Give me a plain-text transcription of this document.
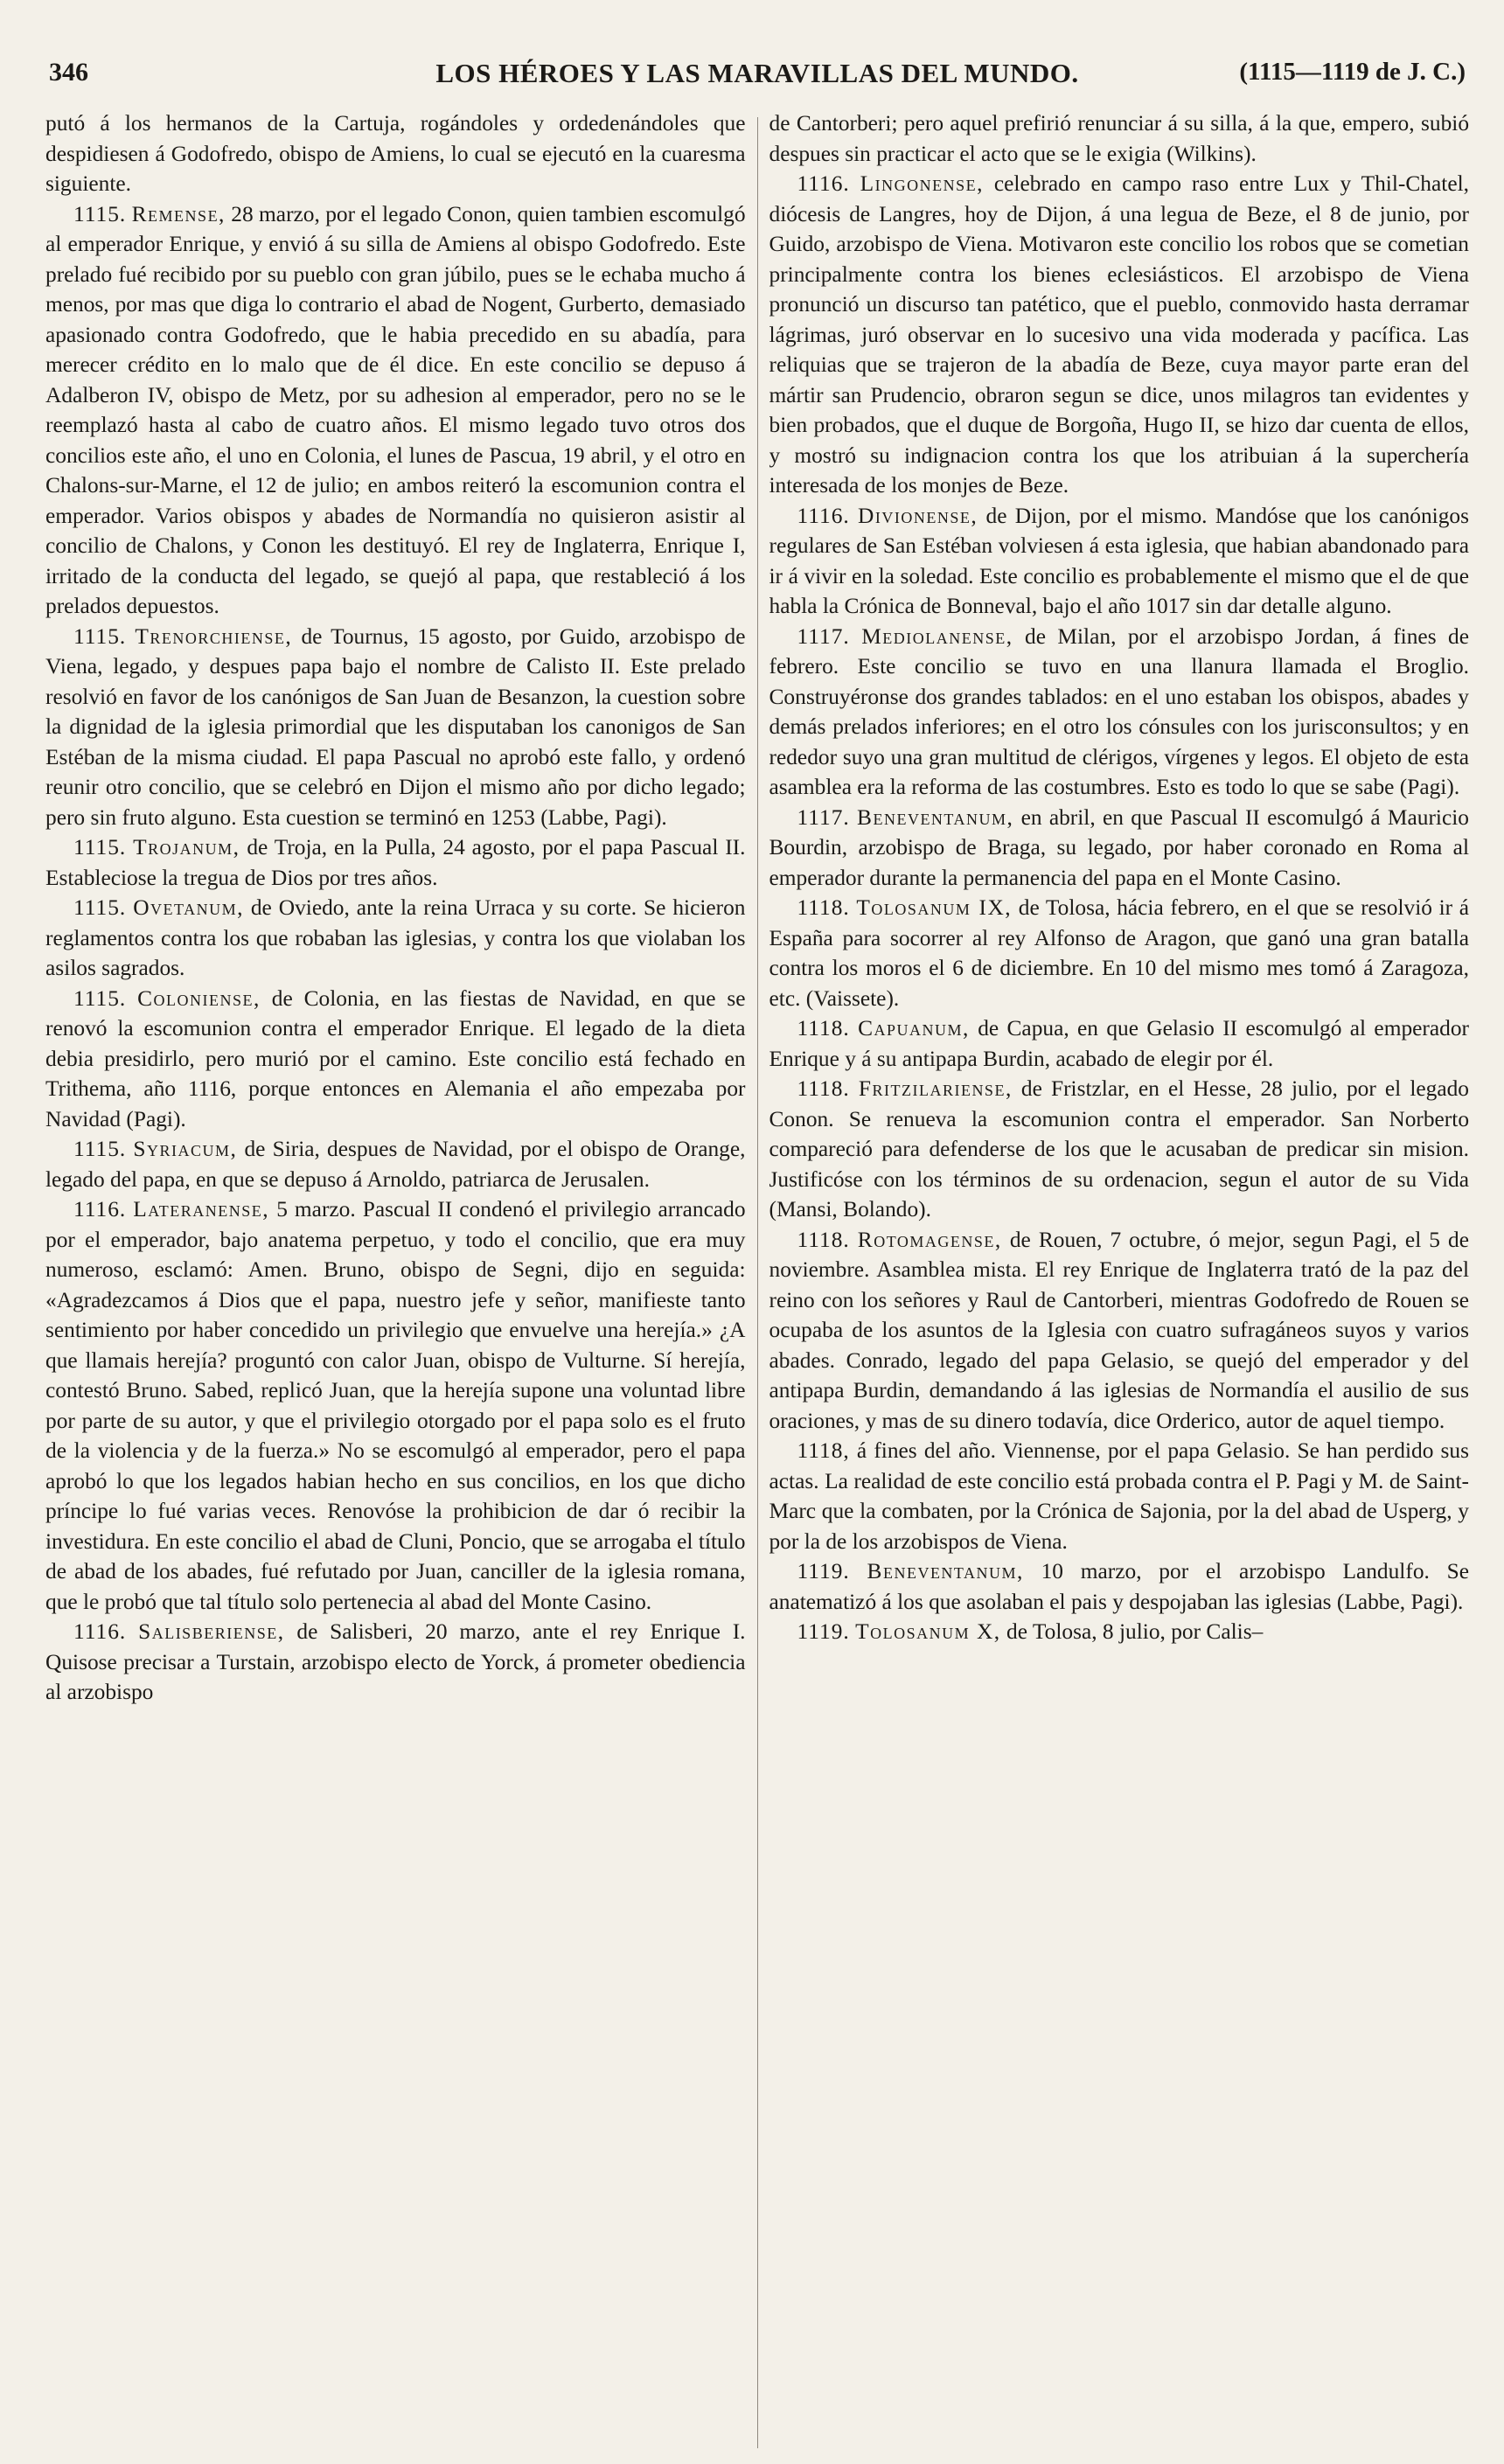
346	LOS HÉROES Y LAS MARAVILLAS DEL MUNDO.	(1115—1119 de J. C.)

putó á los hermanos de la Cartuja, rogándoles y ordedenándoles que despidiesen á Godofredo, obispo de Amiens, lo cual se ejecutó en la cuaresma siguiente.

1115. Remense, 28 marzo, por el legado Conon, quien tambien escomulgó al emperador Enrique, y envió á su silla de Amiens al obispo Godofredo. Este prelado fué recibido por su pueblo con gran júbilo, pues se le echaba mucho á menos, por mas que diga lo contrario el abad de Nogent, Gurberto, demasiado apasionado contra Godofredo, que le habia precedido en su abadía, para merecer crédito en lo malo que de él dice. En este concilio se depuso á Adalberon IV, obispo de Metz, por su adhesion al emperador, pero no se le reemplazó hasta al cabo de cuatro años. El mismo legado tuvo otros dos concilios este año, el uno en Colonia, el lunes de Pascua, 19 abril, y el otro en Chalons-sur-Marne, el 12 de julio; en ambos reiteró la escomunion contra el emperador. Varios obispos y abades de Normandía no quisieron asistir al concilio de Chalons, y Conon les destituyó. El rey de Inglaterra, Enrique I, irritado de la conducta del legado, se quejó al papa, que restableció á los prelados depuestos.

1115. Trenorchiense, de Tournus, 15 agosto, por Guido, arzobispo de Viena, legado, y despues papa bajo el nombre de Calisto II. Este prelado resolvió en favor de los canónigos de San Juan de Besanzon, la cuestion sobre la dignidad de la iglesia primordial que les disputaban los canonigos de San Estéban de la misma ciudad. El papa Pascual no aprobó este fallo, y ordenó reunir otro concilio, que se celebró en Dijon el mismo año por dicho legado; pero sin fruto alguno. Esta cuestion se terminó en 1253 (Labbe, Pagi).

1115. Trojanum, de Troja, en la Pulla, 24 agosto, por el papa Pascual II. Estableciose la tregua de Dios por tres años.

1115. Ovetanum, de Oviedo, ante la reina Urraca y su corte. Se hicieron reglamentos contra los que robaban las iglesias, y contra los que violaban los asilos sagrados.

1115. Coloniense, de Colonia, en las fiestas de Navidad, en que se renovó la escomunion contra el emperador Enrique. El legado de la dieta debia presidirlo, pero murió por el camino. Este concilio está fechado en Trithema, año 1116, porque entonces en Alemania el año empezaba por Navidad (Pagi).

1115. Syriacum, de Siria, despues de Navidad, por el obispo de Orange, legado del papa, en que se depuso á Arnoldo, patriarca de Jerusalen.

1116. Lateranense, 5 marzo. Pascual II condenó el privilegio arrancado por el emperador, bajo anatema perpetuo, y todo el concilio, que era muy numeroso, esclamó: Amen. Bruno, obispo de Segni, dijo en seguida: «Agradezcamos á Dios que el papa, nuestro jefe y señor, manifieste tanto sentimiento por haber concedido un privilegio que envuelve una herejía.» ¿A que llamais herejía? proguntó con calor Juan, obispo de Vulturne. Sí herejía, contestó Bruno. Sabed, replicó Juan, que la herejía supone una voluntad libre por parte de su autor, y que el privilegio otorgado por el papa solo es el fruto de la violencia y de la fuerza.» No se escomulgó al emperador, pero el papa aprobó lo que los legados habian hecho en sus concilios, en los que dicho príncipe lo fué varias veces. Renovóse la prohibicion de dar ó recibir la investidura. En este concilio el abad de Cluni, Poncio, que se arrogaba el título de abad de los abades, fué refutado por Juan, canciller de la iglesia romana, que le probó que tal título solo pertenecia al abad del Monte Casino.

1116. Salisberiense, de Salisberi, 20 marzo, ante el rey Enrique I. Quisose precisar a Turstain, arzobispo electo de Yorck, á prometer obediencia al arzobispo

de Cantorberi; pero aquel prefirió renunciar á su silla, á la que, empero, subió despues sin practicar el acto que se le exigia (Wilkins).

1116. Lingonense, celebrado en campo raso entre Lux y Thil-Chatel, diócesis de Langres, hoy de Dijon, á una legua de Beze, el 8 de junio, por Guido, arzobispo de Viena. Motivaron este concilio los robos que se cometian principalmente contra los bienes eclesiásticos. El arzobispo de Viena pronunció un discurso tan patético, que el pueblo, conmovido hasta derramar lágrimas, juró observar en lo sucesivo una vida moderada y pacífica. Las reliquias que se trajeron de la abadía de Beze, cuya mayor parte eran del mártir san Prudencio, obraron segun se dice, unos milagros tan evidentes y bien probados, que el duque de Borgoña, Hugo II, se hizo dar cuenta de ellos, y mostró su indignacion contra los que los atribuian á la superchería interesada de los monjes de Beze.

1116. Divionense, de Dijon, por el mismo. Mandóse que los canónigos regulares de San Estéban volviesen á esta iglesia, que habian abandonado para ir á vivir en la soledad. Este concilio es probablemente el mismo que el de que habla la Crónica de Bonneval, bajo el año 1017 sin dar detalle alguno.

1117. Mediolanense, de Milan, por el arzobispo Jordan, á fines de febrero. Este concilio se tuvo en una llanura llamada el Broglio. Construyéronse dos grandes tablados: en el uno estaban los obispos, abades y demás prelados inferiores; en el otro los cónsules con los jurisconsultos; y en rededor suyo una gran multitud de clérigos, vírgenes y legos. El objeto de esta asamblea era la reforma de las costumbres. Esto es todo lo que se sabe (Pagi).

1117. Beneventanum, en abril, en que Pascual II escomulgó á Mauricio Bourdin, arzobispo de Braga, su legado, por haber coronado en Roma al emperador durante la permanencia del papa en el Monte Casino.

1118. Tolosanum IX, de Tolosa, hácia febrero, en el que se resolvió ir á España para socorrer al rey Alfonso de Aragon, que ganó una gran batalla contra los moros el 6 de diciembre. En 10 del mismo mes tomó á Zaragoza, etc. (Vaissete).

1118. Capuanum, de Capua, en que Gelasio II escomulgó al emperador Enrique y á su antipapa Burdin, acabado de elegir por él.

1118. Fritzilariense, de Fristzlar, en el Hesse, 28 julio, por el legado Conon. Se renueva la escomunion contra el emperador. San Norberto compareció para defenderse de los que le acusaban de predicar sin mision. Justificóse con los términos de su ordenacion, segun el autor de su Vida (Mansi, Bolando).

1118. Rotomagense, de Rouen, 7 octubre, ó mejor, segun Pagi, el 5 de noviembre. Asamblea mista. El rey Enrique de Inglaterra trató de la paz del reino con los señores y Raul de Cantorberi, mientras Godofredo de Rouen se ocupaba de los asuntos de la Iglesia con cuatro sufragáneos suyos y varios abades. Conrado, legado del papa Gelasio, se quejó del emperador y del antipapa Burdin, demandando á las iglesias de Normandía el ausilio de sus oraciones, y mas de su dinero todavía, dice Orderico, autor de aquel tiempo.

1118, á fines del año. Viennense, por el papa Gelasio. Se han perdido sus actas. La realidad de este concilio está probada contra el P. Pagi y M. de Saint-Marc que la combaten, por la Crónica de Sajonia, por la del abad de Usperg, y por la de los arzobispos de Viena.

1119. Beneventanum, 10 marzo, por el arzobispo Landulfo. Se anatematizó á los que asolaban el pais y despojaban las iglesias (Labbe, Pagi).

1119. Tolosanum X, de Tolosa, 8 julio, por Calis–
